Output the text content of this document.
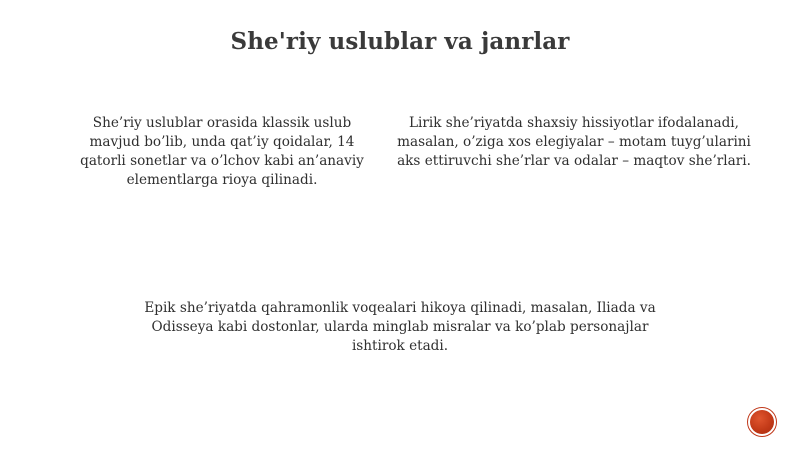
She'riy uslublar va janrlar
She’riy uslublar orasida klassik uslub mavjud bo’lib, unda qat’iy qoidalar, 14 qatorli sonetlar va o’lchov kabi an’anaviy elementlarga rioya qilinadi.
Lirik she’riyatda shaxsiy hissiyotlar ifodalanadi, masalan, o’ziga xos elegiyalar – motam tuyg’ularini aks ettiruvchi she’rlar va odalar – maqtov she’rlari.
Epik she’riyatda qahramonlik voqealari hikoya qilinadi, masalan, Iliada va Odisseya kabi dostonlar, ularda minglab misralar va ko’plab personajlar ishtirok etadi.
